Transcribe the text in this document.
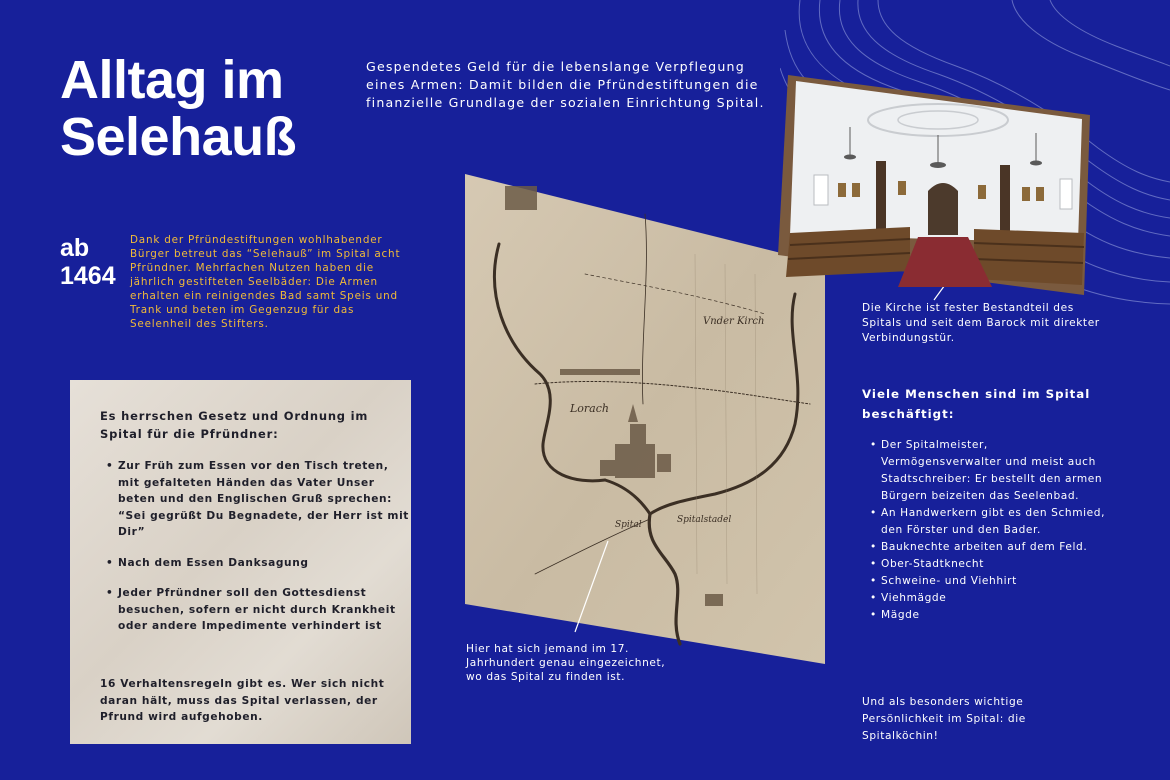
Alltag im Selehauß
Gespendetes Geld für die lebenslange Verpflegung eines Armen: Damit bilden die Pfründestiftungen die finanzielle Grundlage der sozialen Einrichtung Spital.
ab 1464
Dank der Pfründestiftungen wohlhabender Bürger betreut das “Selehauß” im Spital acht Pfründner. Mehrfachen Nutzen haben die jährlich gestifteten Seelbäder: Die Armen erhalten ein reinigendes Bad samt Speis und Trank und beten im Gegenzug für das Seelenheil des Stifters.
Es herrschen Gesetz und Ordnung im Spital für die Pfründner:
• Zur Früh zum Essen vor den Tisch treten, mit gefalteten Händen das Vater Unser beten und den Englischen Gruß sprechen: “Sei gegrüßt Du Begnadete, der Herr ist mit Dir”
• Nach dem Essen Danksagung
• Jeder Pfründner soll den Gottesdienst besuchen, sofern er nicht durch Krankheit oder andere Impedimente verhindert ist
16 Verhaltensregeln gibt es. Wer sich nicht daran hält, muss das Spital verlassen, der Pfrund wird aufgehoben.
Lorach
Spital	Spitalstadel
Vnder Kirch
Hier hat sich jemand im 17. Jahrhundert genau eingezeichnet, wo das Spital zu finden ist.
Die Kirche ist fester Bestandteil des Spitals und seit dem Barock mit direkter Verbindungstür.
Viele Menschen sind im Spital beschäftigt:
• Der Spitalmeister, Vermögensverwalter und meist auch Stadtschreiber: Er bestellt den armen Bürgern beizeiten das Seelenbad.
• An Handwerkern gibt es den Schmied, den Förster und den Bader.
• Bauknechte arbeiten auf dem Feld.
• Ober-Stadtknecht
• Schweine- und Viehhirt
• Viehmägde
• Mägde
Und als besonders wichtige Persönlichkeit im Spital: die Spitalköchin!
